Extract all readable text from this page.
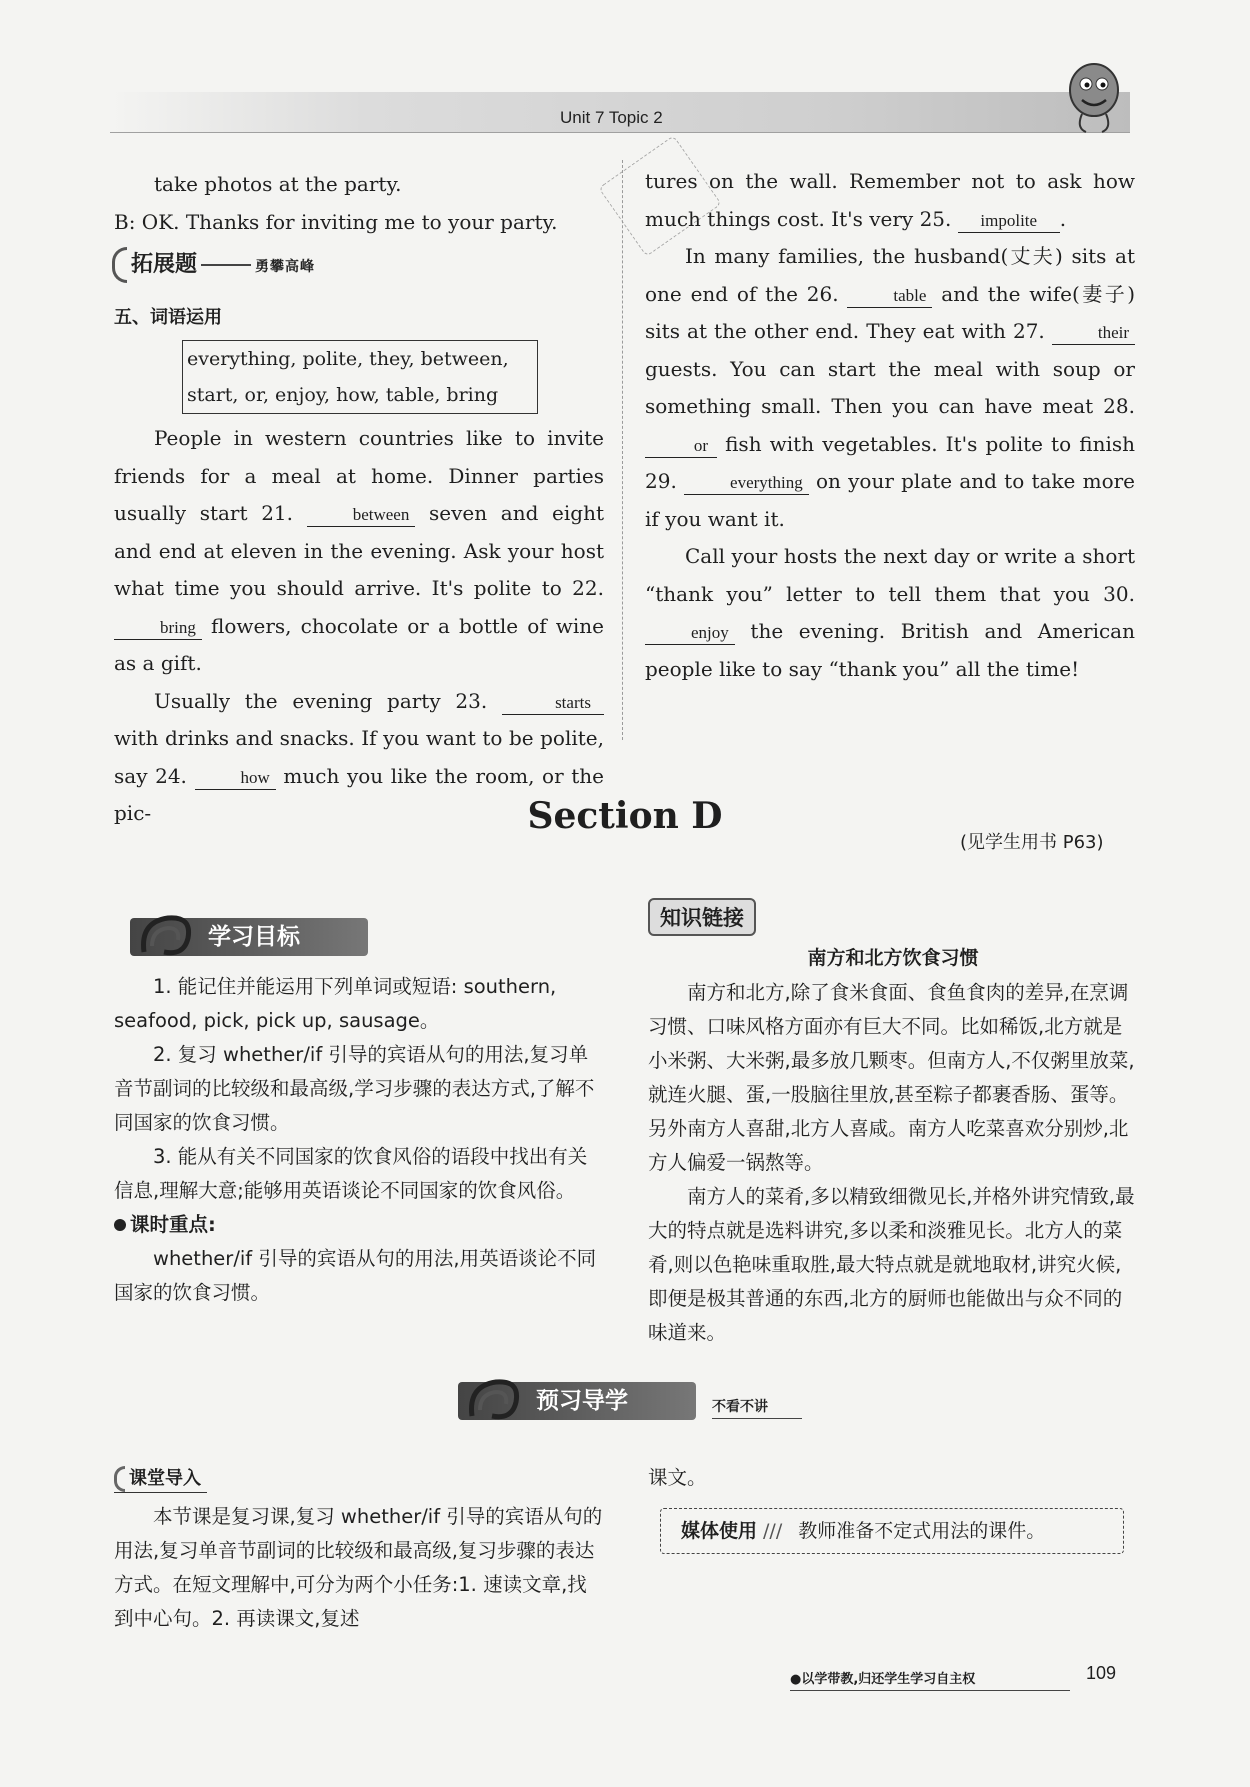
Unit 7 Topic 2

take photos at the party.

B: OK. Thanks for inviting me to your party.

拓展题	勇攀高峰
五、词语运用
everything, polite, they, between,
start, or, enjoy, how, table, bring

People in western countries like to invite friends for a meal at home. Dinner parties usually start 21.	between seven and eight and end at eleven in the evening. Ask your host what time you should arrive. It's polite to 22. bring flowers, chocolate or a bottle of wine as a gift.

Usually the evening party 23.	starts with drinks and snacks. If you want to be polite, say 24.	how much you like the room, or the pic-

tures on the wall. Remember not to ask how much things cost. It's very 25. impolite .

In many families, the husband(丈夫) sits at one end of the 26.	table and the wife(妻子) sits at the other end. They eat with 27.	their guests. You can start the meal with soup or something small. Then you can have meat 28. or fish with vegetables. It's polite to finish 29.	everything on your plate and to take more if you want it.

Call your hosts the next day or write a short “thank you” letter to tell them that you 30. enjoy the evening. British and American people like to say “thank you” all the time!

Section D
(见学生用书 P63)
学习目标

1. 能记住并能运用下列单词或短语: southern, seafood, pick, pick up, sausage。

2. 复习 whether/if 引导的宾语从句的用法,复习单音节副词的比较级和最高级,学习步骤的表达方式,了解不同国家的饮食习惯。

3. 能从有关不同国家的饮食风俗的语段中找出有关信息,理解大意;能够用英语谈论不同国家的饮食风俗。

课时重点:

whether/if 引导的宾语从句的用法,用英语谈论不同国家的饮食习惯。

知识链接
南方和北方饮食习惯

南方和北方,除了食米食面、食鱼食肉的差异,在烹调习惯、口味风格方面亦有巨大不同。比如稀饭,北方就是小米粥、大米粥,最多放几颗枣。但南方人,不仅粥里放菜,就连火腿、蛋,一股脑往里放,甚至粽子都裹香肠、蛋等。另外南方人喜甜,北方人喜咸。南方人吃菜喜欢分别炒,北方人偏爱一锅熬等。

南方人的菜肴,多以精致细微见长,并格外讲究情致,最大的特点就是选料讲究,多以柔和淡雅见长。北方人的菜肴,则以色艳味重取胜,最大特点就是就地取材,讲究火候,即便是极其普通的东西,北方的厨师也能做出与众不同的味道来。

预习导学	不看不讲
课堂导入

本节课是复习课,复习 whether/if 引导的宾语从句的用法,复习单音节副词的比较级和最高级,复习步骤的表达方式。在短文理解中,可分为两个小任务:1. 速读文章,找到中心句。2. 再读课文,复述

课文。
媒体使用 /// 教师准备不定式用法的课件。
●以学带教,归还学生学习自主权	109
